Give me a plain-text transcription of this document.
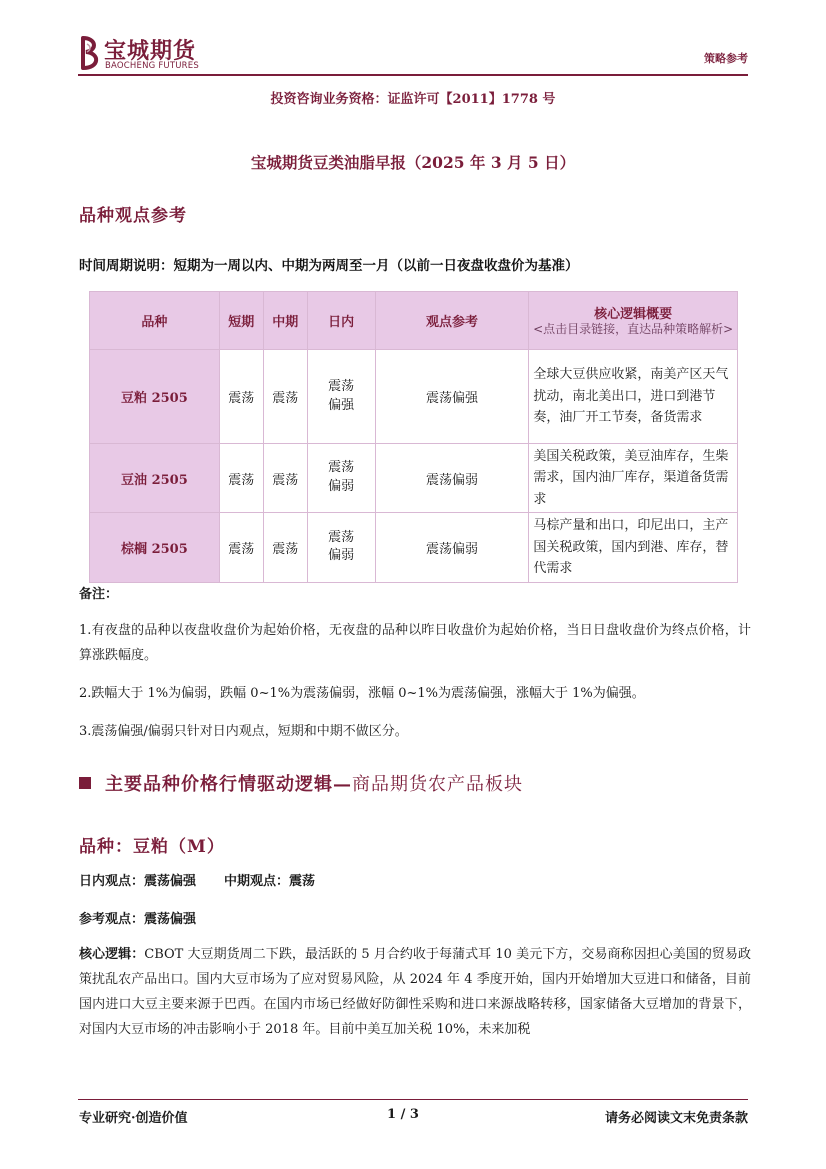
宝城期货
BAOCHENG FUTURES
策略参考
投资咨询业务资格：证监许可【2011】1778 号
宝城期货豆类油脂早报（2025 年 3 月 5 日）
品种观点参考
时间周期说明：短期为一周以内、中期为两周至一月（以前一日夜盘收盘价为基准）
品种	短期	中期	日内	观点参考	核心逻辑概要
<点击目录链接，直达品种策略解析>

豆粕 2505	震荡	震荡	震荡偏强	震荡偏强	全球大豆供应收紧，南美产区天气扰动，南北美出口，进口到港节奏，油厂开工节奏，备货需求
豆油 2505	震荡	震荡	震荡偏弱	震荡偏弱	美国关税政策，美豆油库存，生柴需求，国内油厂库存，渠道备货需求
棕榈 2505	震荡	震荡	震荡偏弱	震荡偏弱	马棕产量和出口，印尼出口，主产国关税政策，国内到港、库存，替代需求
备注：
1.有夜盘的品种以夜盘收盘价为起始价格，无夜盘的品种以昨日收盘价为起始价格，当日日盘收盘价为终点价格，计算涨跌幅度。
2.跌幅大于 1%为偏弱，跌幅 0~1%为震荡偏弱，涨幅 0~1%为震荡偏强，涨幅大于 1%为偏强。
3.震荡偏强/偏弱只针对日内观点，短期和中期不做区分。
主要品种价格行情驱动逻辑—商品期货农产品板块
品种：豆粕（M）
日内观点：震荡偏强 中期观点：震荡
参考观点：震荡偏强
核心逻辑：CBOT 大豆期货周二下跌，最活跃的 5 月合约收于每蒲式耳 10 美元下方，交易商称因担心美国的贸易政策扰乱农产品出口。国内大豆市场为了应对贸易风险，从 2024 年 4 季度开始，国内开始增加大豆进口和储备，目前国内进口大豆主要来源于巴西。在国内市场已经做好防御性采购和进口来源战略转移，国家储备大豆增加的背景下，对国内大豆市场的冲击影响小于 2018 年。目前中美互加关税 10%，未来加税
专业研究·创造价值	1 / 3	请务必阅读文末免责条款
